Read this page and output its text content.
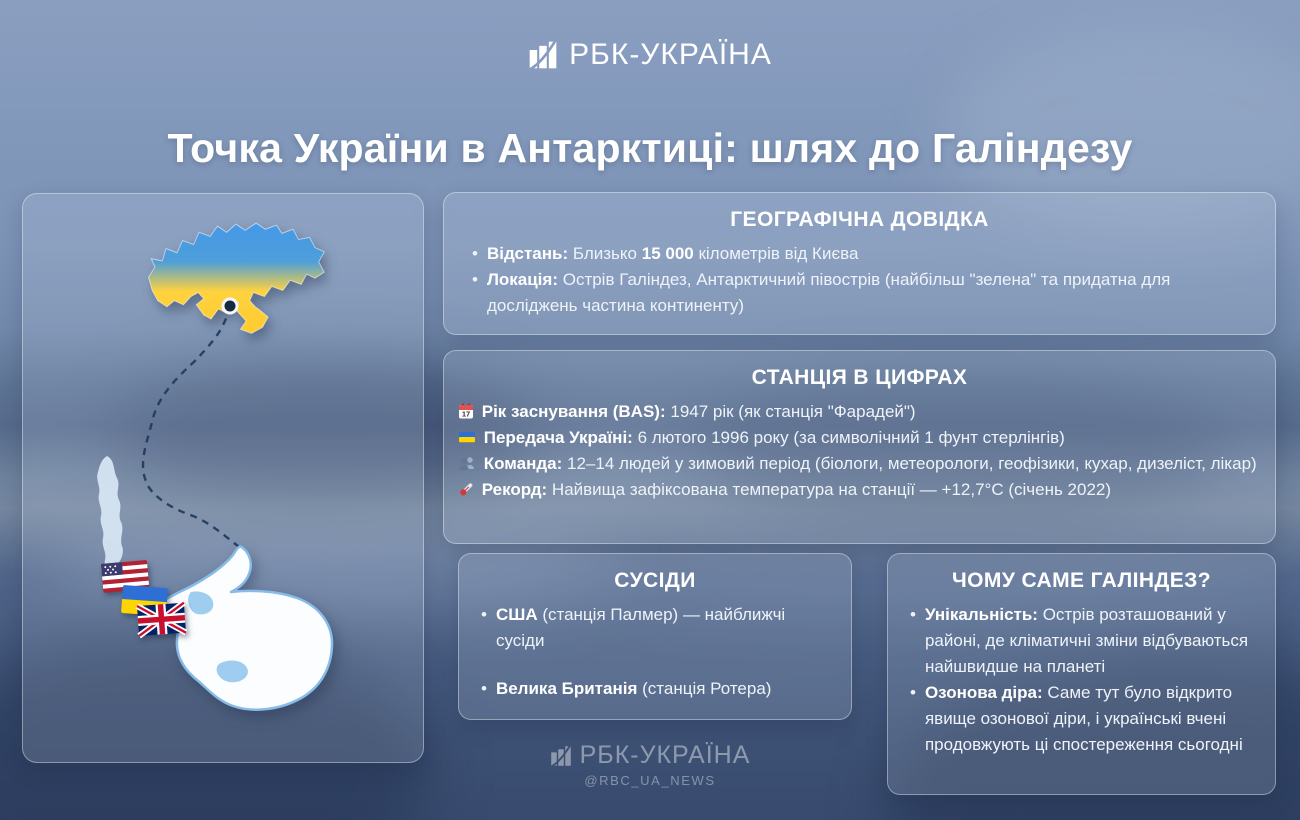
РБК-УКРАЇНА
Точка України в Антарктиці: шлях до Галіндезу
ГЕОГРАФІЧНА ДОВІДКА
• Відстань: Близько 15 000 кілометрів від Києва
• Локація: Острів Галіндез, Антарктичний півострів (найбільш "зелена" та придатна для досліджень частина континенту)
СТАНЦІЯ В ЦИФРАХ

17 Рік заснування (BAS): 1947 рік (як станція "Фарадей")

Передача Україні: 6 лютого 1996 року (за символічний 1 фунт стерлінгів)

Команда: 12–14 людей у зимовий період (біологи, метеорологи, геофізики, кухар, дизеліст, лікар)

Рекорд: Найвища зафіксована температура на станції — +12,7°C (січень 2022)

СУСІДИ
• США (станція Палмер) — найближчі сусіди
• Велика Британія (станція Ротера)
ЧОМУ САМЕ ГАЛІНДЕЗ?
• Унікальність: Острів розташований у районі, де кліматичні зміни відбуваються найшвидше на планеті
• Озонова діра: Саме тут було відкрито явище озонової діри, і українські вчені продовжують ці спостереження сьогодні
РБК-УКРАЇНА
@RBC_UA_NEWS
